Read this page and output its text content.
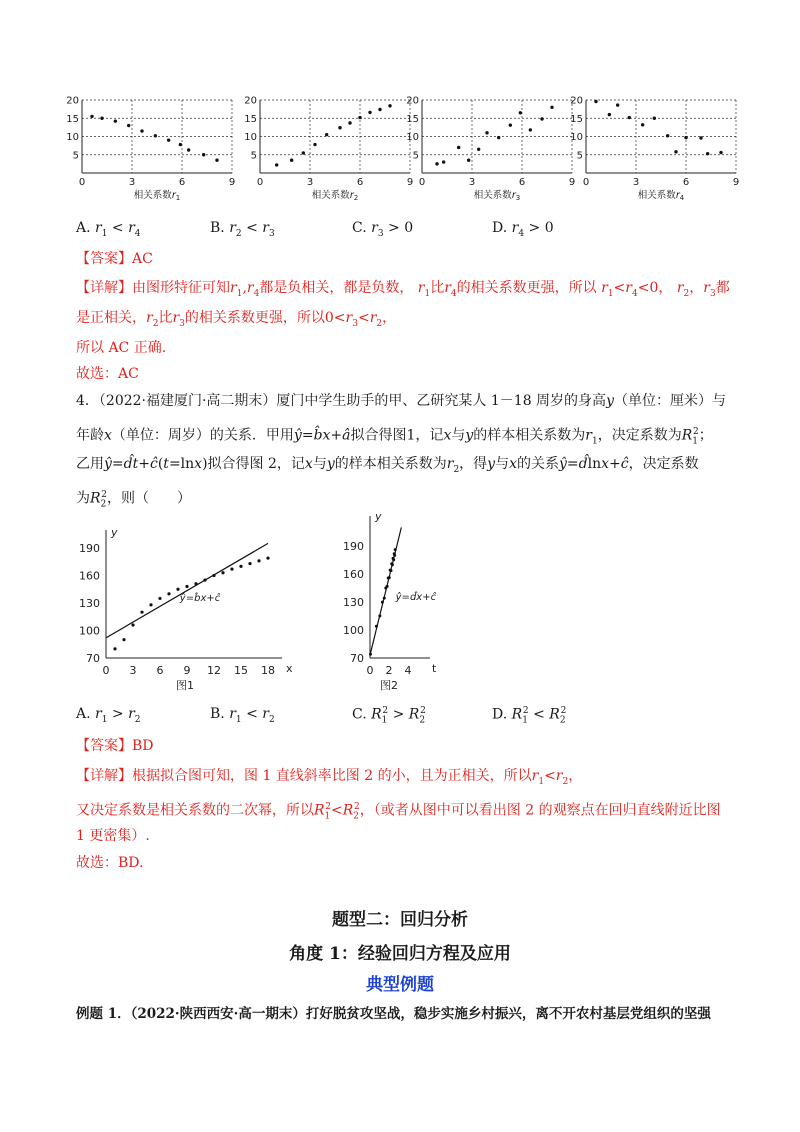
20
15
10
5
0	3	6	9
相关系数$r_1$
20
15
10
5
0	3	6	9
相关系数$r_2$
20
15
10
5
0	3	6	9
相关系数$r_3$
20
15
10
5
0	3	6	9
相关系数$r_4$
A. $r_1 < r_4$	B. $r_2 < r_3$	C. $r_3 > 0$	D. $r_4 > 0$
【答案】AC
【详解】由图形特征可知$r_1,r_4$都是负相关，都是负数， $r_1$比$r_4$的相关系数更强，所以 $r_1<r_4<0$， $r_2$，$r_3$都
是正相关，$r_2$比$r_3$的相关系数更强，所以$0<r_3<r_2$，
所以 AC 正确.
故选：AC
4．（2022·福建厦门·高二期末）厦门中学生助手的甲、乙研究某人 1－18 周岁的身高y（单位：厘米）与
年龄x（单位：周岁）的关系．甲用ŷ=b̂x+â拟合得图1，记x与y的样本相关系数为$r_1$，决定系数为$R_1^2$；
乙用ŷ=d̂t+ĉ(t=lnx)拟合得图 2，记x与y的样本相关系数为$r_2$，得y与x的关系ŷ=d̂lnx+ĉ，决定系数
为$R_2^2$，则（　　）
y
x
190
160
130
100
70
0 3 6 9 12 15 18
ŷ=b̂x+ĉ
图1
y
t
190
160
130
100
70
0 2 4
ŷ=d̂x+ĉ
图2
A. $r_1 > r_2$	B. $r_1 < r_2$	C. $R_1^2 > R_2^2$	D. $R_1^2 < R_2^2$
【答案】BD
【详解】根据拟合图可知，图 1 直线斜率比图 2 的小，且为正相关，所以$r_1<r_2$，
又决定系数是相关系数的二次幂，所以$R_1^2<R_2^2$，（或者从图中可以看出图 2 的观察点在回归直线附近比图
1 更密集）.
故选：BD.
题型二：回归分析
角度 1：经验回归方程及应用
典型例题
例题 1．（2022·陕西西安·高一期末）打好脱贫攻坚战，稳步实施乡村振兴，离不开农村基层党组织的坚强
